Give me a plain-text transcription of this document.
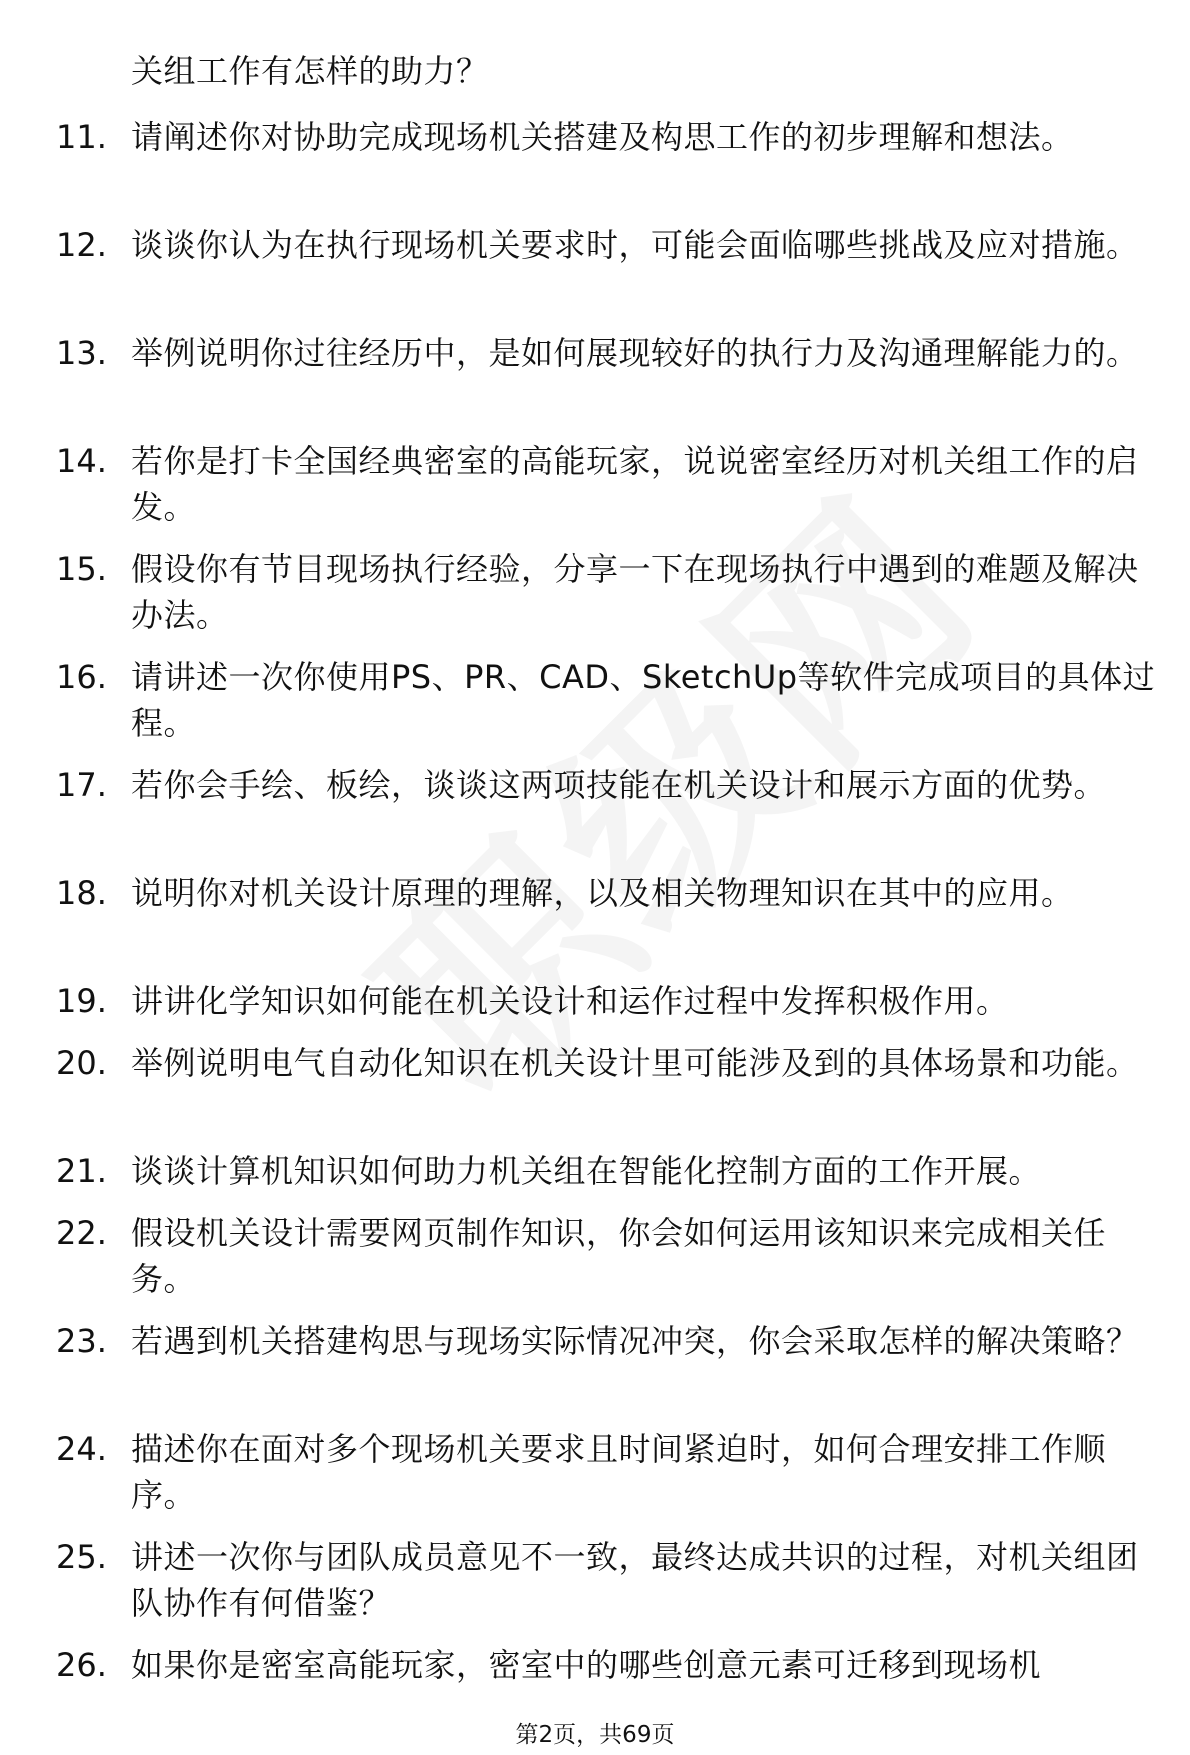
关组工作有怎样的助力？
11. 请阐述你对协助完成现场机关搭建及构思工作的初步理解和想法。
12. 谈谈你认为在执行现场机关要求时，可能会面临哪些挑战及应对措施。
13. 举例说明你过往经历中，是如何展现较好的执行力及沟通理解能力的。
14. 若你是打卡全国经典密室的高能玩家，说说密室经历对机关组工作的启发。
15. 假设你有节目现场执行经验，分享一下在现场执行中遇到的难题及解决办法。
16. 请讲述一次你使用PS、PR、CAD、SketchUp等软件完成项目的具体过程。
17. 若你会手绘、板绘，谈谈这两项技能在机关设计和展示方面的优势。
18. 说明你对机关设计原理的理解，以及相关物理知识在其中的应用。
19. 讲讲化学知识如何能在机关设计和运作过程中发挥积极作用。
20. 举例说明电气自动化知识在机关设计里可能涉及到的具体场景和功能。
21. 谈谈计算机知识如何助力机关组在智能化控制方面的工作开展。
22. 假设机关设计需要网页制作知识，你会如何运用该知识来完成相关任务。
23. 若遇到机关搭建构思与现场实际情况冲突，你会采取怎样的解决策略？
24. 描述你在面对多个现场机关要求且时间紧迫时，如何合理安排工作顺序。
25. 讲述一次你与团队成员意见不一致，最终达成共识的过程，对机关组团队协作有何借鉴？
26. 如果你是密室高能玩家，密室中的哪些创意元素可迁移到现场机
第2页，共69页
